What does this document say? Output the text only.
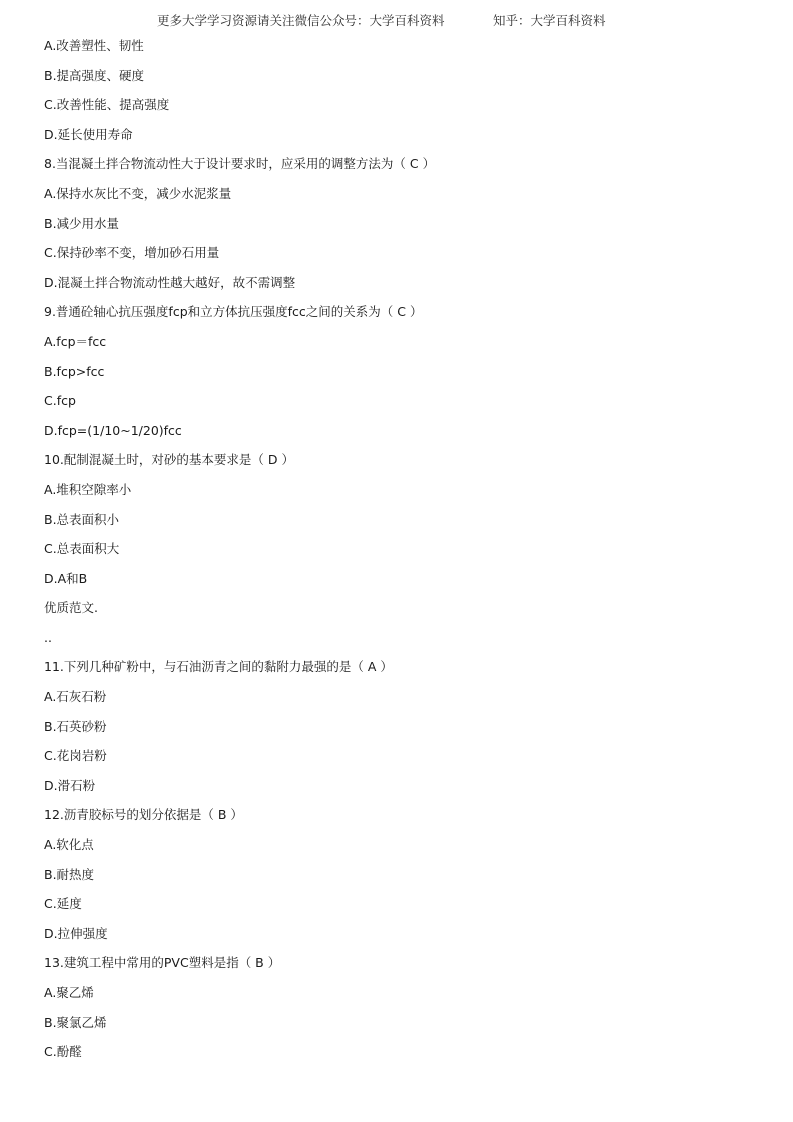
更多大学学习资源请关注微信公众号：大学百科资料	知乎：大学百科资料
A.改善塑性、韧性
B.提高强度、硬度
C.改善性能、提高强度
D.延长使用寿命
8.当混凝土拌合物流动性大于设计要求时，应采用的调整方法为（ C ）
A.保持水灰比不变，减少水泥浆量
B.减少用水量
C.保持砂率不变，增加砂石用量
D.混凝土拌合物流动性越大越好，故不需调整
9.普通砼轴心抗压强度fcp和立方体抗压强度fcc之间的关系为（ C ）
A.fcp＝fcc
B.fcp>fcc
C.fcp
D.fcp=(1/10~1/20)fcc
10.配制混凝土时，对砂的基本要求是（ D ）
A.堆积空隙率小
B.总表面积小
C.总表面积大
D.A和B
优质范文.
..
11.下列几种矿粉中，与石油沥青之间的黏附力最强的是（ A ）
A.石灰石粉
B.石英砂粉
C.花岗岩粉
D.滑石粉
12.沥青胶标号的划分依据是（ B ）
A.软化点
B.耐热度
C.延度
D.拉伸强度
13.建筑工程中常用的PVC塑料是指（ B ）
A.聚乙烯
B.聚氯乙烯
C.酚醛
